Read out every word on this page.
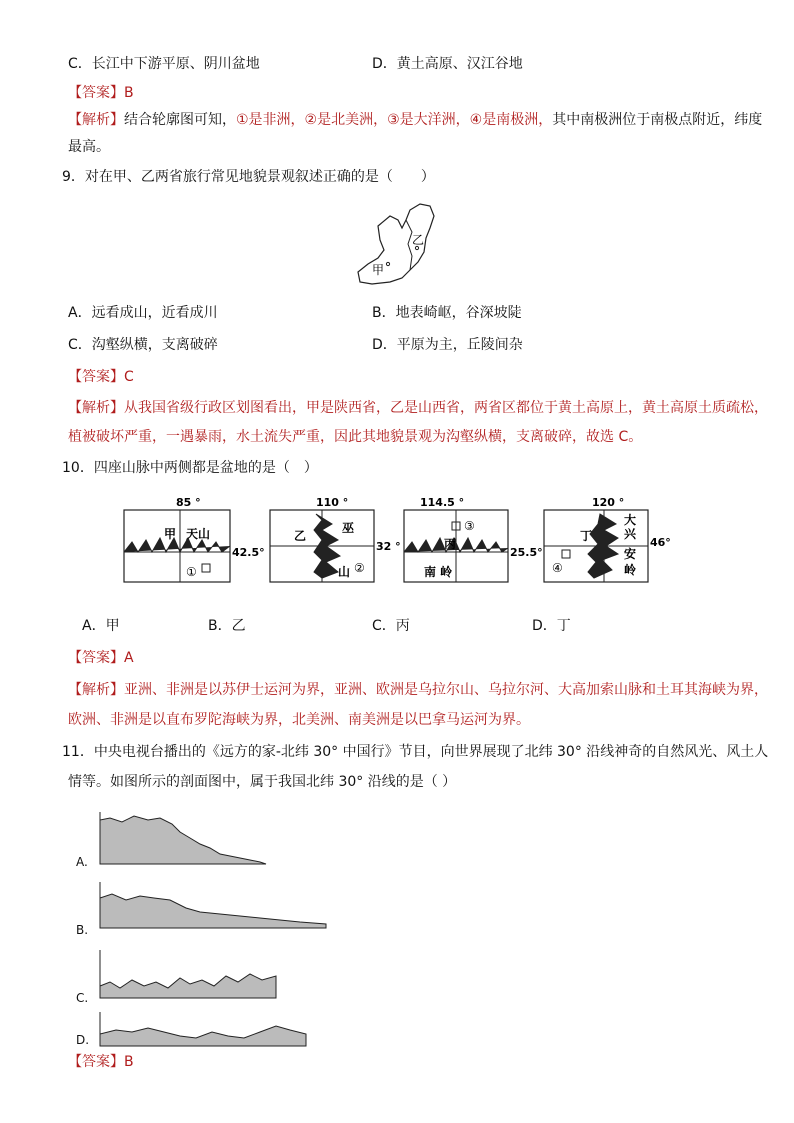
C．长江中下游平原、阴川盆地	D．黄土高原、汉江谷地
【答案】B
【解析】结合轮廓图可知，①是非洲，②是北美洲，③是大洋洲，④是南极洲，其中南极洲位于南极点附近，纬度
最高。
9．对在甲、乙两省旅行常见地貌景观叙述正确的是（　　）
乙
甲
A．远看成山，近看成川	B．地表崎岖，谷深坡陡
C．沟壑纵横，支离破碎	D．平原为主，丘陵间杂
【答案】C
【解析】从我国省级行政区划图看出，甲是陕西省，乙是山西省，两省区都位于黄土高原上，黄土高原土质疏松，
植被破坏严重，一遇暴雨，水土流失严重，因此其地貌景观为沟壑纵横，支离破碎，故选 C。
10．四座山脉中两侧都是盆地的是（　）
85 °
甲 天山
①
42.5°
110 °
乙
巫
山 ②
32 °
114.5 °
③
丙
南 岭
25.5°
120 °
丁
大
兴
安
岭
④
46°
A．甲	B．乙	C．丙	D．丁
【答案】A
【解析】亚洲、非洲是以苏伊士运河为界，亚洲、欧洲是乌拉尔山、乌拉尔河、大高加索山脉和土耳其海峡为界，
欧洲、非洲是以直布罗陀海峡为界，北美洲、南美洲是以巴拿马运河为界。
11．中央电视台播出的《远方的家-北纬 30° 中国行》节目，向世界展现了北纬 30° 沿线神奇的自然风光、风土人
情等。如图所示的剖面图中，属于我国北纬 30° 沿线的是（ ）
A.
B.
C.
D.
【答案】B
